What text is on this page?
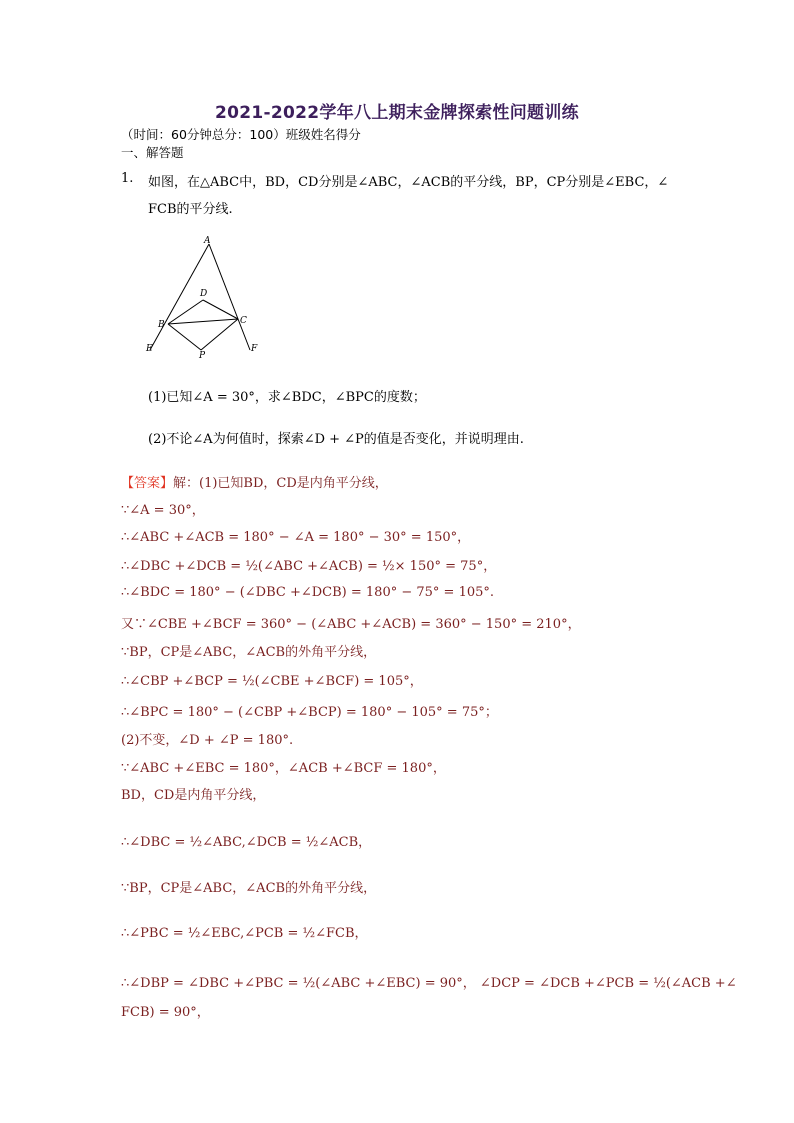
2021-2022学年八上期末金牌探索性问题训练
（时间：60分钟总分：100）班级姓名得分
一、解答题
1. 如图，在△ABC中，BD，CD分别是∠ABC，∠ACB的平分线，BP，CP分别是∠EBC，∠
FCB的平分线.
A
D
B	C
E
P
F
(1)已知∠A = 30°，求∠BDC，∠BPC的度数；
(2)不论∠A为何值时，探索∠D + ∠P的值是否变化，并说明理由.
【答案】解：(1)已知BD，CD是内角平分线，
∵∠A = 30°，
∴∠ABC +∠ACB = 180° − ∠A = 180° − 30° = 150°，
∴∠DBC +∠DCB = ½(∠ABC +∠ACB) = ½× 150° = 75°，
∴∠BDC = 180° − (∠DBC +∠DCB) = 180° − 75° = 105°.
又∵∠CBE +∠BCF = 360° − (∠ABC +∠ACB) = 360° − 150° = 210°，
∵BP，CP是∠ABC，∠ACB的外角平分线，
∴∠CBP +∠BCP = ½(∠CBE +∠BCF) = 105°，
∴∠BPC = 180° − (∠CBP +∠BCP) = 180° − 105° = 75°；
(2)不变，∠D + ∠P = 180°.
∵∠ABC +∠EBC = 180°，∠ACB +∠BCF = 180°，
BD，CD是内角平分线，
∴∠DBC = ½∠ABC,∠DCB = ½∠ACB，
∵BP，CP是∠ABC，∠ACB的外角平分线，
∴∠PBC = ½∠EBC,∠PCB = ½∠FCB，
∴∠DBP = ∠DBC +∠PBC = ½(∠ABC +∠EBC) = 90°， ∠DCP = ∠DCB +∠PCB = ½(∠ACB +∠
FCB) = 90°，
